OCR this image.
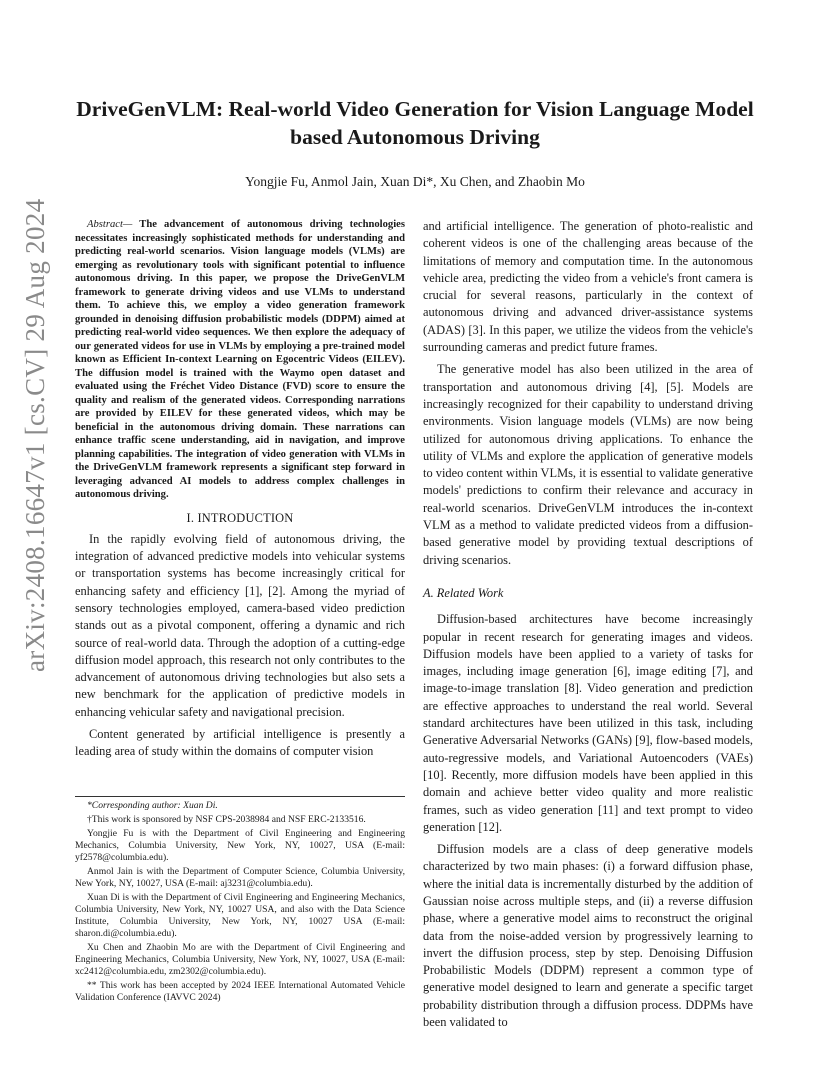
arXiv:2408.16647v1 [cs.CV] 29 Aug 2024
DriveGenVLM: Real-world Video Generation for Vision Language Model based Autonomous Driving
Yongjie Fu, Anmol Jain, Xuan Di*, Xu Chen, and Zhaobin Mo
Abstract— The advancement of autonomous driving technologies necessitates increasingly sophisticated methods for understanding and predicting real-world scenarios. Vision language models (VLMs) are emerging as revolutionary tools with significant potential to influence autonomous driving. In this paper, we propose the DriveGenVLM framework to generate driving videos and use VLMs to understand them. To achieve this, we employ a video generation framework grounded in denoising diffusion probabilistic models (DDPM) aimed at predicting real-world video sequences. We then explore the adequacy of our generated videos for use in VLMs by employing a pre-trained model known as Efficient In-context Learning on Egocentric Videos (EILEV). The diffusion model is trained with the Waymo open dataset and evaluated using the Fréchet Video Distance (FVD) score to ensure the quality and realism of the generated videos. Corresponding narrations are provided by EILEV for these generated videos, which may be beneficial in the autonomous driving domain. These narrations can enhance traffic scene understanding, aid in navigation, and improve planning capabilities. The integration of video generation with VLMs in the DriveGenVLM framework represents a significant step forward in leveraging advanced AI models to address complex challenges in autonomous driving.
I. INTRODUCTION

In the rapidly evolving field of autonomous driving, the integration of advanced predictive models into vehicular systems or transportation systems has become increasingly critical for enhancing safety and efficiency [1], [2]. Among the myriad of sensory technologies employed, camera-based video prediction stands out as a pivotal component, offering a dynamic and rich source of real-world data. Through the adoption of a cutting-edge diffusion model approach, this research not only contributes to the advancement of autonomous driving technologies but also sets a new benchmark for the application of predictive models in enhancing vehicular safety and navigational precision.

Content generated by artificial intelligence is presently a leading area of study within the domains of computer vision

*Corresponding author: Xuan Di.
†This work is sponsored by NSF CPS-2038984 and NSF ERC-2133516.
Yongjie Fu is with the Department of Civil Engineering and Engineering Mechanics, Columbia University, New York, NY, 10027, USA (E-mail: yf2578@columbia.edu).
Anmol Jain is with the Department of Computer Science, Columbia University, New York, NY, 10027, USA (E-mail: aj3231@columbia.edu).
Xuan Di is with the Department of Civil Engineering and Engineering Mechanics, Columbia University, New York, NY, 10027 USA, and also with the Data Science Institute, Columbia University, New York, NY, 10027 USA (E-mail: sharon.di@columbia.edu).
Xu Chen and Zhaobin Mo are with the Department of Civil Engineering and Engineering Mechanics, Columbia University, New York, NY, 10027, USA (E-mail: xc2412@columbia.edu, zm2302@columbia.edu).
** This work has been accepted by 2024 IEEE International Automated Vehicle Validation Conference (IAVVC 2024)

and artificial intelligence. The generation of photo-realistic and coherent videos is one of the challenging areas because of the limitations of memory and computation time. In the autonomous vehicle area, predicting the video from a vehicle's front camera is crucial for several reasons, particularly in the context of autonomous driving and advanced driver-assistance systems (ADAS) [3]. In this paper, we utilize the videos from the vehicle's surrounding cameras and predict future frames.

The generative model has also been utilized in the area of transportation and autonomous driving [4], [5]. Models are increasingly recognized for their capability to understand driving environments. Vision language models (VLMs) are now being utilized for autonomous driving applications. To enhance the utility of VLMs and explore the application of generative models to video content within VLMs, it is essential to validate generative models' predictions to confirm their relevance and accuracy in real-world scenarios. DriveGenVLM introduces the in-context VLM as a method to validate predicted videos from a diffusion-based generative model by providing textual descriptions of driving scenarios.

A. Related Work

Diffusion-based architectures have become increasingly popular in recent research for generating images and videos. Diffusion models have been applied to a variety of tasks for images, including image generation [6], image editing [7], and image-to-image translation [8]. Video generation and prediction are effective approaches to understand the real world. Several standard architectures have been utilized in this task, including Generative Adversarial Networks (GANs) [9], flow-based models, auto-regressive models, and Variational Autoencoders (VAEs) [10]. Recently, more diffusion models have been applied in this domain and achieve better video quality and more realistic frames, such as video generation [11] and text prompt to video generation [12].

Diffusion models are a class of deep generative models characterized by two main phases: (i) a forward diffusion phase, where the initial data is incrementally disturbed by the addition of Gaussian noise across multiple steps, and (ii) a reverse diffusion phase, where a generative model aims to reconstruct the original data from the noise-added version by progressively learning to invert the diffusion process, step by step. Denoising Diffusion Probabilistic Models (DDPM) represent a common type of generative model designed to learn and generate a specific target probability distribution through a diffusion process. DDPMs have been validated to
